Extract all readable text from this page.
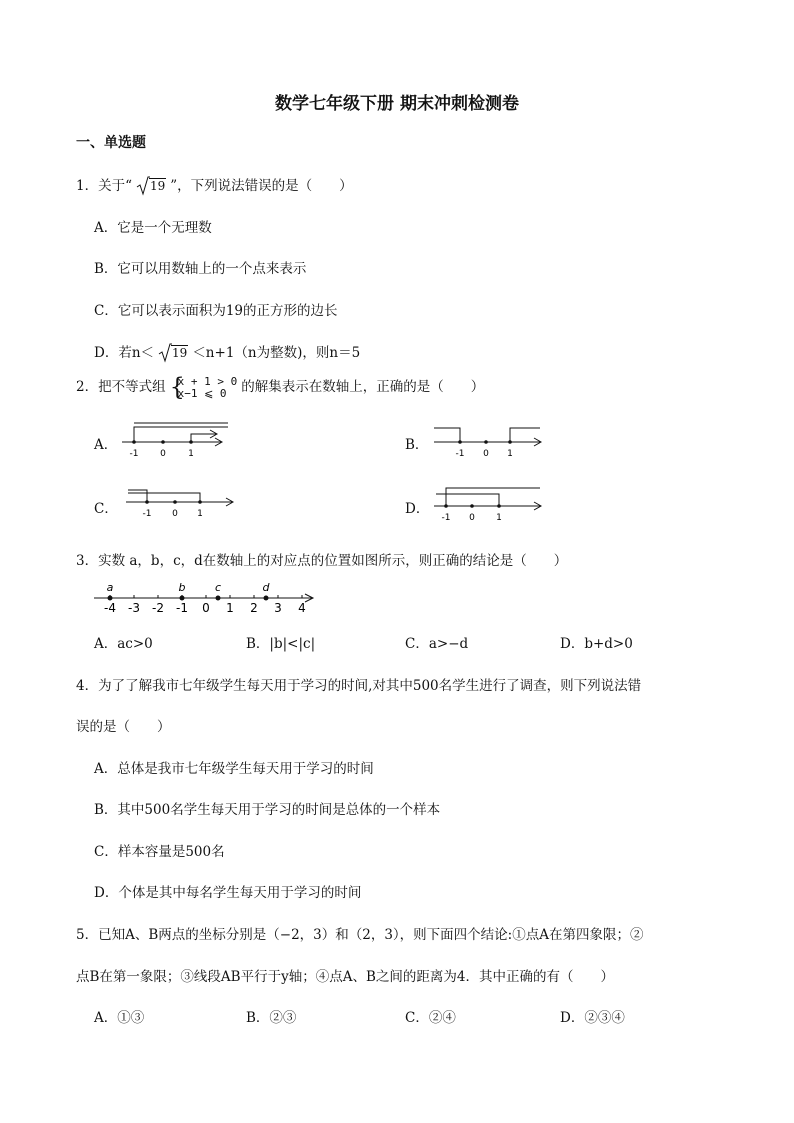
数学七年级下册 期末冲刺检测卷
一、单选题
1．关于“ 19 ”，下列说法错误的是（　　）
A．它是一个无理数
B．它可以用数轴上的一个点来表示
C．它可以表示面积为19的正方形的边长
D．若n＜ 19 ＜n+1（n为整数)，则n＝5
2．把不等式组 {
x + 1 > 0
x−1 ⩽ 0	的解集表示在数轴上，正确的是（　　）
A．
-1 0 1
B．
-1 0 1
C．	-1 0 1	D．
-1 0 1
3．实数 a，b，c，d在数轴上的对应点的位置如图所示，则正确的结论是（　　）
-4 -3 -2 -1 0 1 2 3 4
a	b	c	d
A．ac>0	B．|b|<|c|	C．a>−d	D．b+d>0
4．为了了解我市七年级学生每天用于学习的时间,对其中500名学生进行了调查，则下列说法错
误的是（　　）
A．总体是我市七年级学生每天用于学习的时间
B．其中500名学生每天用于学习的时间是总体的一个样本
C．样本容量是500名
D．个体是其中每名学生每天用于学习的时间
5．已知A、B两点的坐标分别是（−2，3）和（2，3），则下面四个结论:①点A在第四象限；②
点B在第一象限；③线段AB平行于y轴；④点A、B之间的距离为4．其中正确的有（　　）
A．①③	B．②③	C．②④	D．②③④
